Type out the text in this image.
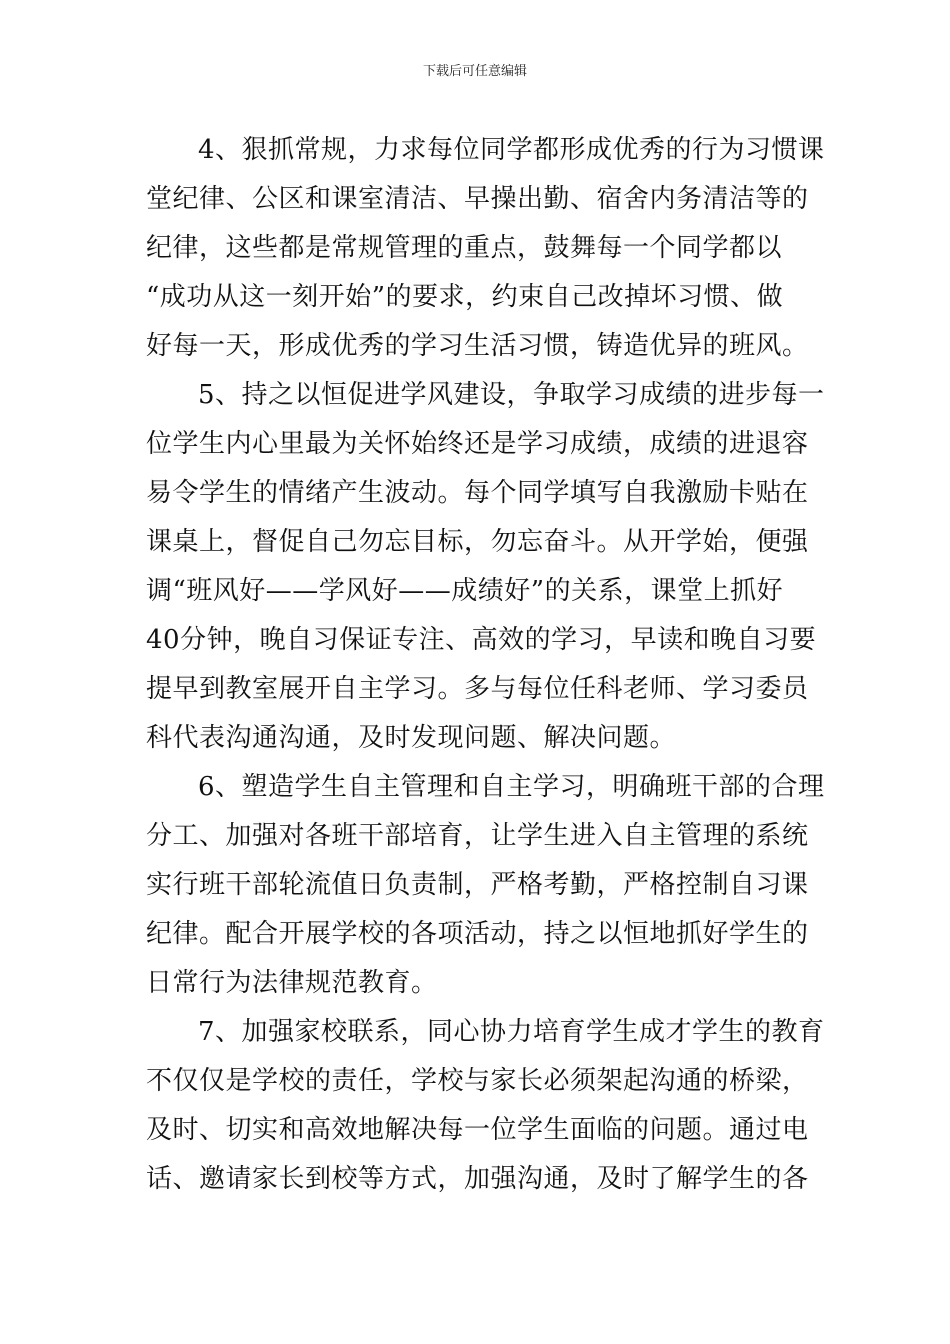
下载后可任意编辑
4、狠抓常规，力求每位同学都形成优秀的行为习惯课
堂纪律、公区和课室清洁、早操出勤、宿舍内务清洁等的
纪律，这些都是常规管理的重点，鼓舞每一个同学都以
“成功从这一刻开始”的要求，约束自己改掉坏习惯、做
好每一天，形成优秀的学习生活习惯，铸造优异的班风。
5、持之以恒促进学风建设，争取学习成绩的进步每一
位学生内心里最为关怀始终还是学习成绩，成绩的进退容
易令学生的情绪产生波动。每个同学填写自我激励卡贴在
课桌上，督促自己勿忘目标，勿忘奋斗。从开学始，便强
调“班风好——学风好——成绩好”的关系，课堂上抓好
40分钟，晚自习保证专注、高效的学习，早读和晚自习要
提早到教室展开自主学习。多与每位任科老师、学习委员
科代表沟通沟通，及时发现问题、解决问题。
6、塑造学生自主管理和自主学习，明确班干部的合理
分工、加强对各班干部培育，让学生进入自主管理的系统
实行班干部轮流值日负责制，严格考勤，严格控制自习课
纪律。配合开展学校的各项活动，持之以恒地抓好学生的
日常行为法律规范教育。
7、加强家校联系，同心协力培育学生成才学生的教育
不仅仅是学校的责任，学校与家长必须架起沟通的桥梁，
及时、切实和高效地解决每一位学生面临的问题。通过电
话、邀请家长到校等方式，加强沟通，及时了解学生的各
